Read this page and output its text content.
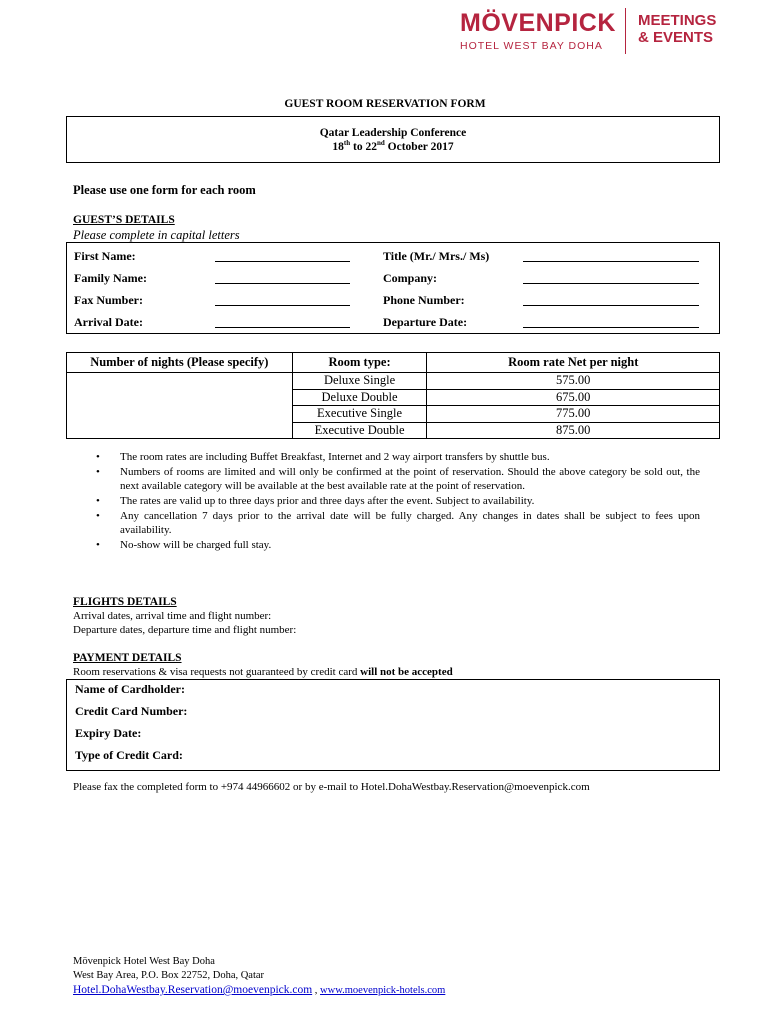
MÖVENPICK
HOTEL WEST BAY DOHA
MEETINGS
& EVENTS
GUEST ROOM RESERVATION FORM
Qatar Leadership Conference
18th to 22nd October 2017
Please use one form for each room
GUEST’S DETAILS
Please complete in capital letters
First Name:	Title (Mr./ Mrs./ Ms)
Family Name:	Company:
Fax Number:	Phone Number:
Arrival Date:	Departure Date:
Number of nights (Please specify)	Room type:	Room rate Net per night
	Deluxe Single	575.00
	Deluxe Double	675.00
	Executive Single	775.00
	Executive Double	875.00
• The room rates are including Buffet Breakfast, Internet and 2 way airport transfers by shuttle bus.
• Numbers of rooms are limited and will only be confirmed at the point of reservation. Should the above category be sold out, the next available category will be available at the best available rate at the point of reservation.
• The rates are valid up to three days prior and three days after the event. Subject to availability.
• Any cancellation 7 days prior to the arrival date will be fully charged. Any changes in dates shall be subject to fees upon availability.
• No-show will be charged full stay.
FLIGHTS DETAILS
Arrival dates, arrival time and flight number:
Departure dates, departure time and flight number:
PAYMENT DETAILS
Room reservations & visa requests not guaranteed by credit card will not be accepted
Name of Cardholder:
Credit Card Number:
Expiry Date:
Type of Credit Card:
Please fax the completed form to +974 44966602 or by e-mail to Hotel.DohaWestbay.Reservation@moevenpick.com
Mövenpick Hotel West Bay Doha
West Bay Area, P.O. Box 22752, Doha, Qatar
Hotel.DohaWestbay.Reservation@moevenpick.com , www.moevenpick-hotels.com
